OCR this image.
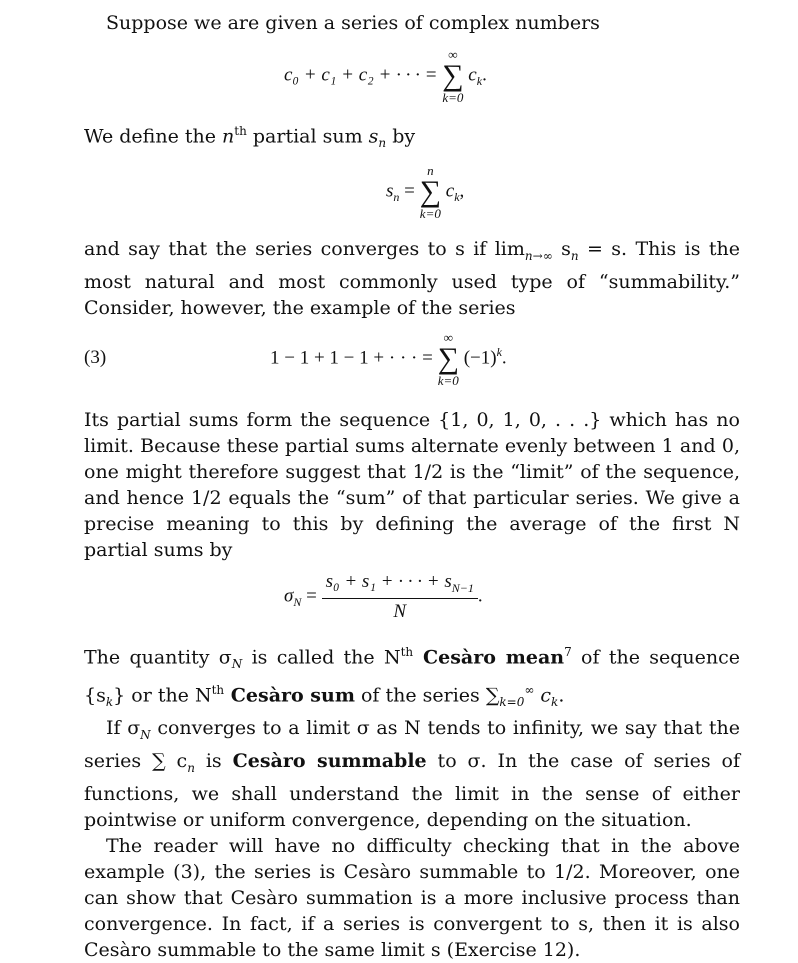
Suppose we are given a series of complex numbers

c₀ + c₁ + c₂ + · · · =
∞
∑
k=0
$c_k$.

We define the $n^{th}$ partial sum $s_n$ by

$s_n$ =
n
∑
k=0
$c_k$,

and say that the series converges to s if $\lim_{n\to\infty} s_n = s$. This is the most natural and most commonly used type of “summability.” Consider, however, the example of the series

(3)	1 − 1 + 1 − 1 + · · · =
∞
∑
k=0
$(-1)^k$.

Its partial sums form the sequence {1, 0, 1, 0, . . .} which has no limit. Because these partial sums alternate evenly between 1 and 0, one might therefore suggest that 1/2 is the “limit” of the sequence, and hence 1/2 equals the “sum” of that particular series. We give a precise meaning to this by defining the average of the first N partial sums by

$\sigma_N = \frac{s_0 + s_1 + \cdot \cdot \cdot + s_{N-1}}{N}$ .

The quantity $\sigma_N$ is called the $N^{th}$ Cesàro mean$^7$ of the sequence $\{s_k\}$ or the $N^{th}$ Cesàro sum of the series $\sum_{k=0}^\infty$ $c_k$.

If $\sigma_N$ converges to a limit σ as N tends to infinity, we say that the series ∑ $c_n$ is Cesàro summable to σ. In the case of series of functions, we shall understand the limit in the sense of either pointwise or uniform convergence, depending on the situation.

The reader will have no difficulty checking that in the above example (3), the series is Cesàro summable to 1/2. Moreover, one can show that Cesàro summation is a more inclusive process than convergence. In fact, if a series is convergent to s, then it is also Cesàro summable to the same limit s (Exercise 12).
